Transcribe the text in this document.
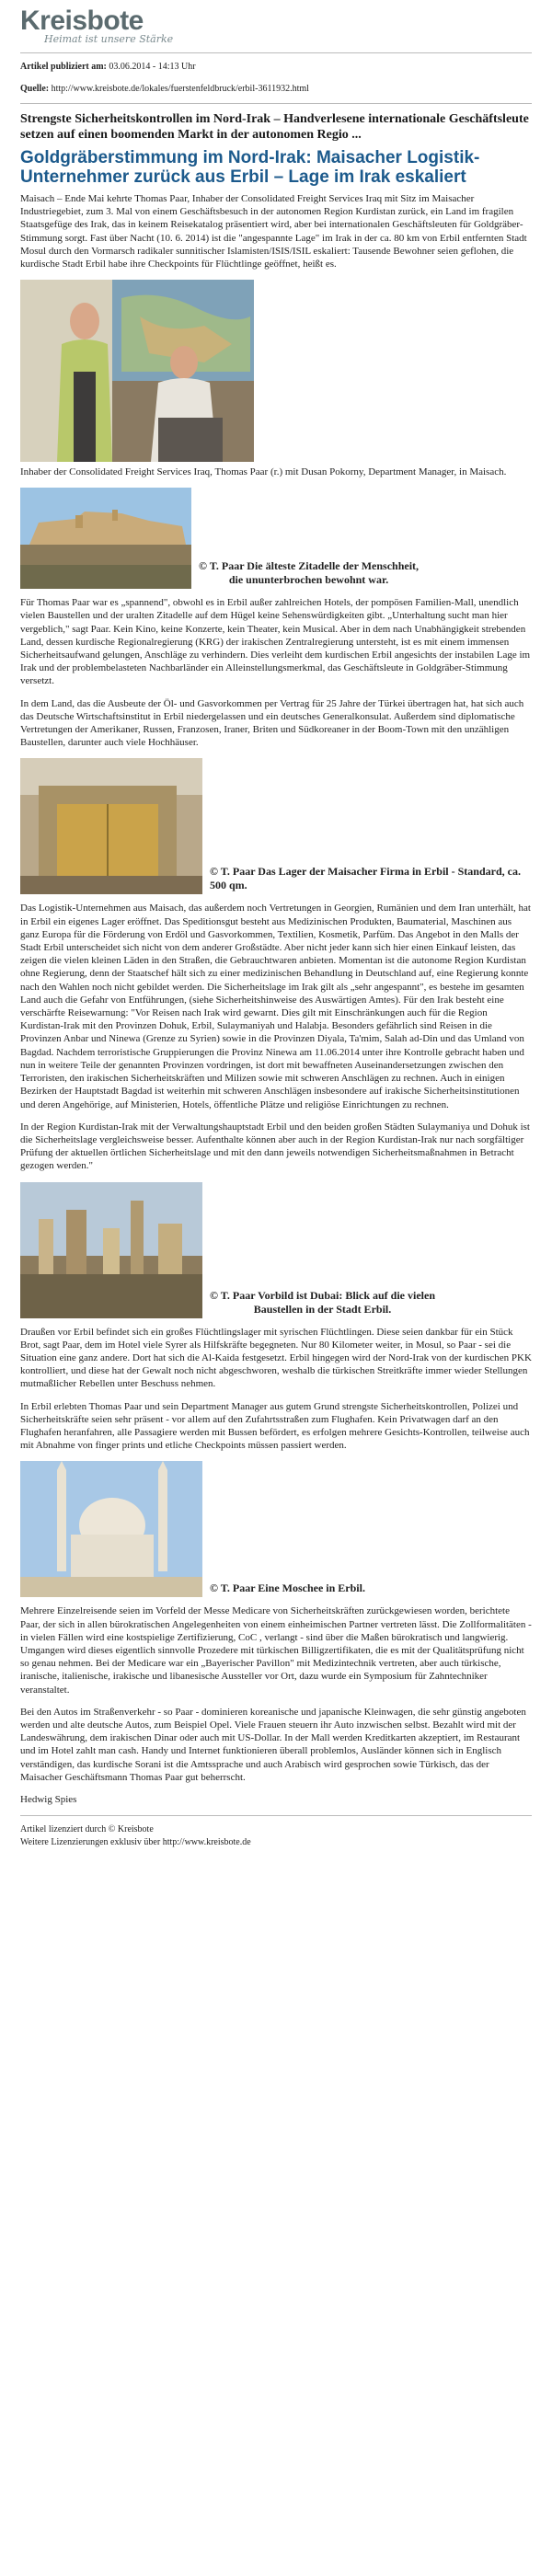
Kreisbote
Heimat ist unsere Stärke

Artikel publiziert am: 03.06.2014 - 14:13 Uhr

Quelle: http://www.kreisbote.de/lokales/fuerstenfeldbruck/erbil-3611932.html

Strengste Sicherheitskontrollen im Nord-Irak – Handverlesene internationale Geschäftsleute setzen auf einen boomenden Markt in der autonomen Regio ...
Goldgräberstimmung im Nord-Irak: Maisacher Logistik-Unternehmer zurück aus Erbil – Lage im Irak eskaliert

Maisach – Ende Mai kehrte Thomas Paar, Inhaber der Consolidated Freight Services Iraq mit Sitz im Maisacher Industriegebiet, zum 3. Mal von einem Geschäftsbesuch in der autonomen Region Kurdistan zurück, ein Land im fragilen Staatsgefüge des Irak, das in keinem Reisekatalog präsentiert wird, aber bei internationalen Geschäftsleuten für Goldgräber-Stimmung sorgt. Fast über Nacht (10. 6. 2014) ist die "angespannte Lage" im Irak in der ca. 80 km von Erbil entfernten Stadt Mosul durch den Vormarsch radikaler sunnitischer Islamisten/ISIS/ISIL eskaliert: Tausende Bewohner seien geflohen, die kurdische Stadt Erbil habe ihre Checkpoints für Flüchtlinge geöffnet, heißt es.

Inhaber der Consolidated Freight Services Iraq, Thomas Paar (r.) mit Dusan Pokorny, Department Manager, in Maisach.
© T. Paar Die älteste Zitadelle der Menschheit,
die ununterbrochen bewohnt war.

Für Thomas Paar war es „spannend", obwohl es in Erbil außer zahlreichen Hotels, der pompösen Familien-Mall, unendlich vielen Baustellen und der uralten Zitadelle auf dem Hügel keine Sehenswürdigkeiten gibt. „Unterhaltung sucht man hier vergeblich," sagt Paar. Kein Kino, keine Konzerte, kein Theater, kein Musical. Aber in dem nach Unabhängigkeit strebenden Land, dessen kurdische Regionalregierung (KRG) der irakischen Zentralregierung untersteht, ist es mit einem immensen Sicherheitsaufwand gelungen, Anschläge zu verhindern. Dies verleiht dem kurdischen Erbil angesichts der instabilen Lage im Irak und der problembelasteten Nachbarländer ein Alleinstellungsmerkmal, das Geschäftsleute in Goldgräber-Stimmung versetzt.

In dem Land, das die Ausbeute der Öl- und Gasvorkommen per Vertrag für 25 Jahre der Türkei übertragen hat, hat sich auch das Deutsche Wirtschaftsinstitut in Erbil niedergelassen und ein deutsches Generalkonsulat. Außerdem sind diplomatische Vertretungen der Amerikaner, Russen, Franzosen, Iraner, Briten und Südkoreaner in der Boom-Town mit den unzähligen Baustellen, darunter auch viele Hochhäuser.

© T. Paar Das Lager der Maisacher Firma in Erbil - Standard, ca. 500 qm.

Das Logistik-Unternehmen aus Maisach, das außerdem noch Vertretungen in Georgien, Rumänien und dem Iran unterhält, hat in Erbil ein eigenes Lager eröffnet. Das Speditionsgut besteht aus Medizinischen Produkten, Baumaterial, Maschinen aus ganz Europa für die Förderung von Erdöl und Gasvorkommen, Textilien, Kosmetik, Parfüm. Das Angebot in den Malls der Stadt Erbil unterscheidet sich nicht von dem anderer Großstädte. Aber nicht jeder kann sich hier einen Einkauf leisten, das zeigen die vielen kleinen Läden in den Straßen, die Gebrauchtwaren anbieten. Momentan ist die autonome Region Kurdistan ohne Regierung, denn der Staatschef hält sich zu einer medizinischen Behandlung in Deutschland auf, eine Regierung konnte nach den Wahlen noch nicht gebildet werden. Die Sicherheitslage im Irak gilt als „sehr angespannt", es bestehe im gesamten Land auch die Gefahr von Entführungen, (siehe Sicherheitshinweise des Auswärtigen Amtes). Für den Irak besteht eine verschärfte Reisewarnung: "Vor Reisen nach Irak wird gewarnt. Dies gilt mit Einschränkungen auch für die Region Kurdistan-Irak mit den Provinzen Dohuk, Erbil, Sulaymaniyah und Halabja. Besonders gefährlich sind Reisen in die Provinzen Anbar und Ninewa (Grenze zu Syrien) sowie in die Provinzen Diyala, Ta'mim, Salah ad-Din und das Umland von Bagdad. Nachdem terroristische Gruppierungen die Provinz Ninewa am 11.06.2014 unter ihre Kontrolle gebracht haben und nun in weitere Teile der genannten Provinzen vordringen, ist dort mit bewaffneten Auseinandersetzungen zwischen den Terroristen, den irakischen Sicherheitskräften und Milizen sowie mit schweren Anschlägen zu rechnen. Auch in einigen Bezirken der Hauptstadt Bagdad ist weiterhin mit schweren Anschlägen insbesondere auf irakische Sicherheitsinstitutionen und deren Angehörige, auf Ministerien, Hotels, öffentliche Plätze und religiöse Einrichtungen zu rechnen.

In der Region Kurdistan-Irak mit der Verwaltungshauptstadt Erbil und den beiden großen Städten Sulaymaniya und Dohuk ist die Sicherheitslage vergleichsweise besser. Aufenthalte können aber auch in der Region Kurdistan-Irak nur nach sorgfältiger Prüfung der aktuellen örtlichen Sicherheitslage und mit den dann jeweils notwendigen Sicherheitsmaßnahmen in Betracht gezogen werden."

© T. Paar Vorbild ist Dubai: Blick auf die vielen
Baustellen in der Stadt Erbil.

Draußen vor Erbil befindet sich ein großes Flüchtlingslager mit syrischen Flüchtlingen. Diese seien dankbar für ein Stück Brot, sagt Paar, dem im Hotel viele Syrer als Hilfskräfte begegneten. Nur 80 Kilometer weiter, in Mosul, so Paar - sei die Situation eine ganz andere. Dort hat sich die Al-Kaida festgesetzt. Erbil hingegen wird der Nord-Irak von der kurdischen PKK kontrolliert, und diese hat der Gewalt noch nicht abgeschworen, weshalb die türkischen Streitkräfte immer wieder Stellungen mutmaßlicher Rebellen unter Beschuss nehmen.

In Erbil erlebten Thomas Paar und sein Department Manager aus gutem Grund strengste Sicherheitskontrollen, Polizei und Sicherheitskräfte seien sehr präsent - vor allem auf den Zufahrtsstraßen zum Flughafen. Kein Privatwagen darf an den Flughafen heranfahren, alle Passagiere werden mit Bussen befördert, es erfolgen mehrere Gesichts-Kontrollen, teilweise auch mit Abnahme von finger prints und etliche Checkpoints müssen passiert werden.

© T. Paar Eine Moschee in Erbil.

Mehrere Einzelreisende seien im Vorfeld der Messe Medicare von Sicherheitskräften zurückgewiesen worden, berichtete Paar, der sich in allen bürokratischen Angelegenheiten von einem einheimischen Partner vertreten lässt. Die Zollformalitäten - in vielen Fällen wird eine kostspielige Zertifizierung, CoC , verlangt - sind über die Maßen bürokratisch und langwierig. Umgangen wird dieses eigentlich sinnvolle Prozedere mit türkischen Billigzertifikaten, die es mit der Qualitätsprüfung nicht so genau nehmen. Bei der Medicare war ein „Bayerischer Pavillon" mit Medizintechnik vertreten, aber auch türkische, iranische, italienische, irakische und libanesische Aussteller vor Ort, dazu wurde ein Symposium für Zahntechniker veranstaltet.

Bei den Autos im Straßenverkehr - so Paar - dominieren koreanische und japanische Kleinwagen, die sehr günstig angeboten werden und alte deutsche Autos, zum Beispiel Opel. Viele Frauen steuern ihr Auto inzwischen selbst. Bezahlt wird mit der Landeswährung, dem irakischen Dinar oder auch mit US-Dollar. In der Mall werden Kreditkarten akzeptiert, im Restaurant und im Hotel zahlt man cash. Handy und Internet funktionieren überall problemlos, Ausländer können sich in Englisch verständigen, das kurdische Sorani ist die Amtssprache und auch Arabisch wird gesprochen sowie Türkisch, das der Maisacher Geschäftsmann Thomas Paar gut beherrscht.

Hedwig Spies

Artikel lizenziert durch © Kreisbote
Weitere Lizenzierungen exklusiv über http://www.kreisbote.de
